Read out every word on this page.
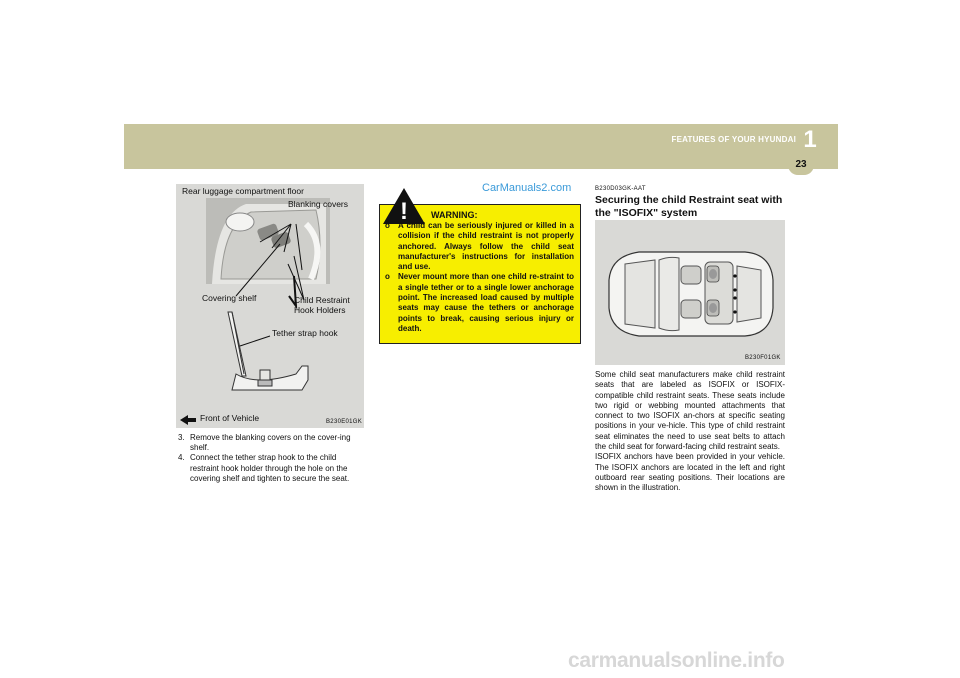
FEATURES OF YOUR HYUNDAI 1
23
Rear luggage compartment floor
Blanking covers
Covering shelf	Child Restraint
Hook Holders
Tether strap hook
Front of Vehicle	B230E01GK

3. Remove the blanking covers on the cover-ing shelf.

4. Connect the tether strap hook to the child restraint hook holder through the hole on the covering shelf and tighten to secure the seat.

CarManuals2.com
carmanualsonline.info
!	WARNING:
o A child can be seriously injured or killed in a collision if the child restraint is not properly anchored. Always follow the child seat manufacturer's instructions for installation and use.
o Never mount more than one child re-straint to a single tether or to a single lower anchorage point. The increased load caused by multiple seats may cause the tethers or anchorage points to break, causing serious injury or death.
B230D03GK-AAT
Securing the child Restraint seat with the "ISOFIX" system
B230F01GK

Some child seat manufacturers make child restraint seats that are labeled as ISOFIX or ISOFIX-compatible child restraint seats. These seats include two rigid or webbing mounted attachments that connect to two ISOFIX an-chors at specific seating positions in your ve-hicle. This type of child restraint seat eliminates the need to use seat belts to attach the child seat for forward-facing child restraint seats.

ISOFIX anchors have been provided in your vehicle. The ISOFIX anchors are located in the left and right outboard rear seating positions. Their locations are shown in the illustration.
